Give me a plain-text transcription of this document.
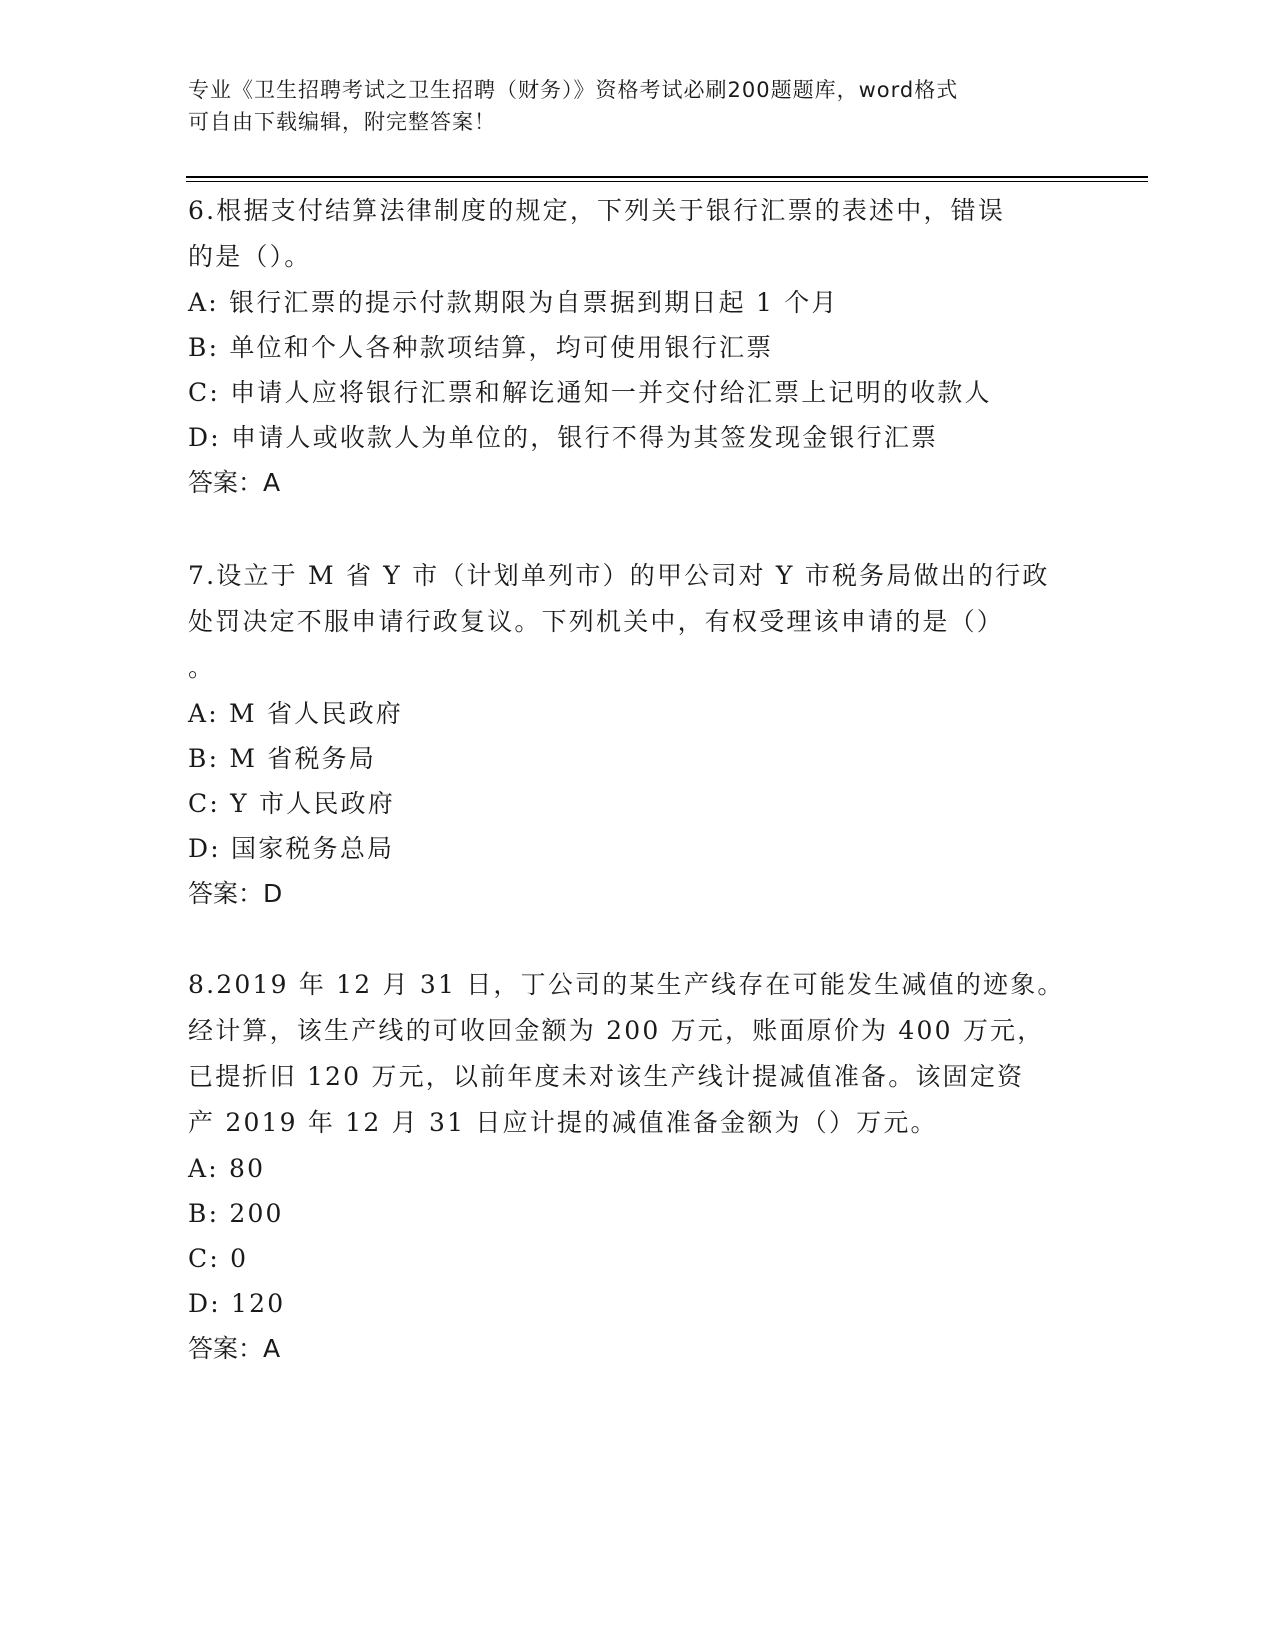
专业《卫生招聘考试之卫生招聘（财务）》资格考试必刷200题题库，word格式
可自由下载编辑，附完整答案！
6.根据支付结算法律制度的规定，下列关于银行汇票的表述中，错误
的是（）。
A: 银行汇票的提示付款期限为自票据到期日起 1 个月
B: 单位和个人各种款项结算，均可使用银行汇票
C: 申请人应将银行汇票和解讫通知一并交付给汇票上记明的收款人
D: 申请人或收款人为单位的，银行不得为其签发现金银行汇票
答案：A
7.设立于 M 省 Y 市（计划单列市）的甲公司对 Y 市税务局做出的行政
处罚决定不服申请行政复议。下列机关中，有权受理该申请的是（）
。
A: M 省人民政府
B: M 省税务局
C: Y 市人民政府
D: 国家税务总局
答案：D
8.2019 年 12 月 31 日，丁公司的某生产线存在可能发生减值的迹象。
经计算，该生产线的可收回金额为 200 万元，账面原价为 400 万元，
已提折旧 120 万元，以前年度未对该生产线计提减值准备。该固定资
产 2019 年 12 月 31 日应计提的减值准备金额为（）万元。
A: 80
B: 200
C: 0
D: 120
答案：A
